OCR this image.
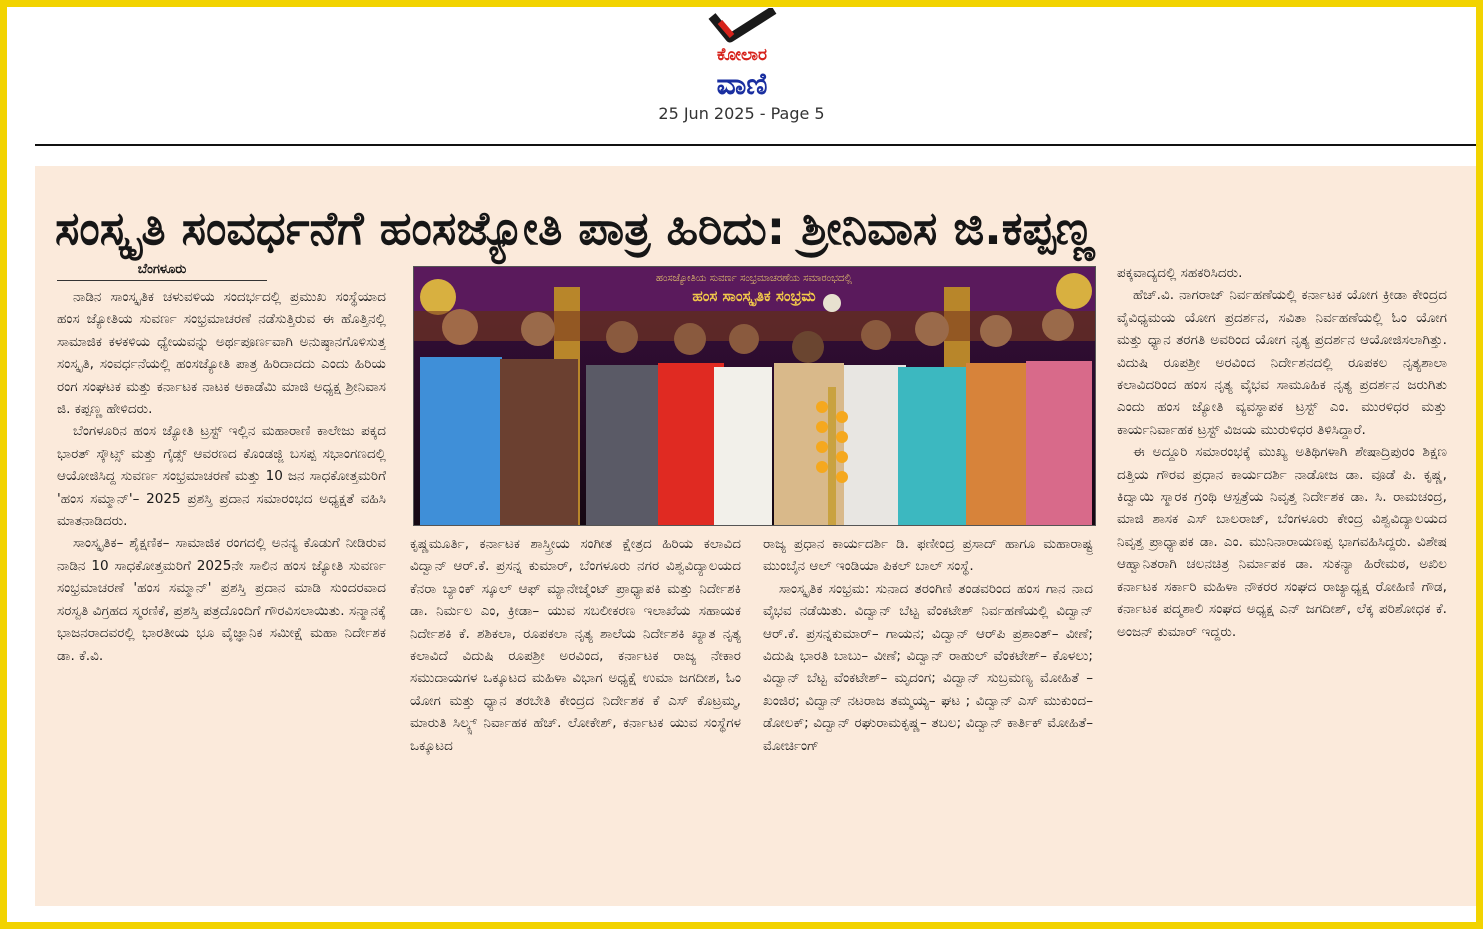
ಕೋಲಾರ
ವಾಣಿ
25 Jun 2025 - Page 5
ಸಂಸ್ಕೃತಿ ಸಂವರ್ಧನೆಗೆ ಹಂಸಜ್ಯೋತಿ ಪಾತ್ರ ಹಿರಿದು: ಶ್ರೀನಿವಾಸ ಜಿ.ಕಪ್ಪಣ್ಣ
ಬೆಂಗಳೂರು

ನಾಡಿನ ಸಾಂಸ್ಕೃತಿಕ ಚಳುವಳಿಯ ಸಂದರ್ಭದಲ್ಲಿ ಪ್ರಮುಖ ಸಂಸ್ಥೆಯಾದ ಹಂಸ ಜ್ಯೋತಿಯ ಸುವರ್ಣ ಸಂಭ್ರಮಾಚರಣೆ ನಡೆಸುತ್ತಿರುವ ಈ ಹೊತ್ತಿನಲ್ಲಿ ಸಾಮಾಜಿಕ ಕಳಕಳಿಯ ಧ್ಯೇಯವನ್ನು ಅರ್ಥಪೂರ್ಣವಾಗಿ ಅನುಷ್ಠಾನಗೊಳಿಸುತ್ತ ಸಂಸ್ಕೃತಿ, ಸಂವರ್ಧನೆಯಲ್ಲಿ ಹಂಸಜ್ಯೋತಿ ಪಾತ್ರ ಹಿರಿದಾದದು ಎಂದು ಹಿರಿಯ ರಂಗ ಸಂಘಟಕ ಮತ್ತು ಕರ್ನಾಟಕ ನಾಟಕ ಅಕಾಡೆಮಿ ಮಾಜಿ ಅಧ್ಯಕ್ಷ ಶ್ರೀನಿವಾಸ ಜಿ. ಕಪ್ಪಣ್ಣ ಹೇಳಿದರು.

ಬೆಂಗಳೂರಿನ ಹಂಸ ಜ್ಯೋತಿ ಟ್ರಸ್ಟ್ ಇಲ್ಲಿನ ಮಹಾರಾಣಿ ಕಾಲೇಜು ಪಕ್ಕದ ಭಾರತ್ ಸ್ಕೌಟ್ಸ್ ಮತ್ತು ಗೈಡ್ಸ್ ಆವರಣದ ಕೊಂಡಜ್ಜಿ ಬಸಪ್ಪ ಸಭಾಂಗಣದಲ್ಲಿ ಆಯೋಜಿಸಿದ್ದ ಸುವರ್ಣ ಸಂಭ್ರಮಾಚರಣೆ ಮತ್ತು 10 ಜನ ಸಾಧಕೋತ್ತಮರಿಗೆ 'ಹಂಸ ಸಮ್ಮಾನ್'– 2025 ಪ್ರಶಸ್ತಿ ಪ್ರದಾನ ಸಮಾರಂಭದ ಅಧ್ಯಕ್ಷತೆ ವಹಿಸಿ ಮಾತನಾಡಿದರು.

ಸಾಂಸ್ಕೃತಿಕ– ಶೈಕ್ಷಣಿಕ– ಸಾಮಾಜಿಕ ರಂಗದಲ್ಲಿ ಅನನ್ಯ ಕೊಡುಗೆ ನೀಡಿರುವ ನಾಡಿನ 10 ಸಾಧಕೋತ್ತಮರಿಗೆ 2025ನೇ ಸಾಲಿನ ಹಂಸ ಜ್ಯೋತಿ ಸುವರ್ಣ ಸಂಭ್ರಮಾಚರಣೆ 'ಹಂಸ ಸಮ್ಮಾನ್' ಪ್ರಶಸ್ತಿ ಪ್ರದಾನ ಮಾಡಿ ಸುಂದರವಾದ ಸರಸ್ವತಿ ವಿಗ್ರಹದ ಸ್ಮರಣಿಕೆ, ಪ್ರಶಸ್ತಿ ಪತ್ರದೊಂದಿಗೆ ಗೌರವಿಸಲಾಯಿತು. ಸನ್ಮಾನಕ್ಕೆ ಭಾಜನರಾದವರಲ್ಲಿ ಭಾರತೀಯ ಭೂ ವೈಜ್ಞಾನಿಕ ಸಮೀಕ್ಷೆ ಮಹಾ ನಿರ್ದೇಶಕ ಡಾ. ಕೆ.ವಿ.

ಹಂಸಜ್ಯೋತಿಯ ಸುವರ್ಣ ಸಂಭ್ರಮಾಚರಣೆಯ ಸಮಾರಂಭದಲ್ಲಿ
ಹಂಸ ಸಾಂಸ್ಕೃತಿಕ ಸಂಭ್ರಮ

ಕೃಷ್ಣಮೂರ್ತಿ, ಕರ್ನಾಟಕ ಶಾಸ್ತ್ರೀಯ ಸಂಗೀತ ಕ್ಷೇತ್ರದ ಹಿರಿಯ ಕಲಾವಿದ ವಿದ್ವಾನ್ ಆರ್.ಕೆ. ಪ್ರಸನ್ನ ಕುಮಾರ್, ಬೆಂಗಳೂರು ನಗರ ವಿಶ್ವವಿದ್ಯಾಲಯದ ಕೆನರಾ ಬ್ಯಾಂಕ್ ಸ್ಕೂಲ್ ಆಫ್ ಮ್ಯಾನೇಜ್ಮೆಂಟ್ ಪ್ರಾಧ್ಯಾಪಕಿ ಮತ್ತು ನಿರ್ದೇಶಕಿ ಡಾ. ನಿರ್ಮಲ ಎಂ, ಕ್ರೀಡಾ– ಯುವ ಸಬಲೀಕರಣ ಇಲಾಖೆಯ ಸಹಾಯಕ ನಿರ್ದೇಶಕಿ ಕೆ. ಶಶಿಕಲಾ, ರೂಪಕಲಾ ನೃತ್ಯ ಶಾಲೆಯ ನಿರ್ದೇಶಕಿ ಖ್ಯಾತ ನೃತ್ಯ ಕಲಾವಿದೆ ವಿದುಷಿ ರೂಪಶ್ರೀ ಅರವಿಂದ, ಕರ್ನಾಟಕ ರಾಜ್ಯ ನೇಕಾರ ಸಮುದಾಯಗಳ ಒಕ್ಕೂಟದ ಮಹಿಳಾ ವಿಭಾಗ ಅಧ್ಯಕ್ಷೆ ಉಮಾ ಜಗದೀಶ, ಓಂ ಯೋಗ ಮತ್ತು ಧ್ಯಾನ ತರಬೇತಿ ಕೇಂದ್ರದ ನಿರ್ದೇಶಕ ಕೆ ಎಸ್ ಕೊಟ್ರಮ್ಮ, ಮಾರುತಿ ಸಿಲ್ಕ್ಸ್ ನಿರ್ವಾಹಕ ಹೆಚ್. ಲೋಕೇಶ್, ಕರ್ನಾಟಕ ಯುವ ಸಂಸ್ಥೆಗಳ ಒಕ್ಕೂಟದ

ರಾಜ್ಯ ಪ್ರಧಾನ ಕಾರ್ಯದರ್ಶಿ ಡಿ. ಫಣೀಂದ್ರ ಪ್ರಸಾದ್ ಹಾಗೂ ಮಹಾರಾಷ್ಟ್ರ ಮುಂಬೈನ ಆಲ್ ಇಂಡಿಯಾ ಪಿಕಲ್ ಬಾಲ್ ಸಂಸ್ಥೆ.

ಸಾಂಸ್ಕೃತಿಕ ಸಂಭ್ರಮ: ಸುನಾದ ತರಂಗಿಣಿ ತಂಡವರಿಂದ ಹಂಸ ಗಾನ ನಾದ ವೈಭವ ನಡೆಯಿತು. ವಿದ್ವಾನ್ ಬೆಟ್ಟ ವೆಂಕಟೇಶ್ ನಿರ್ವಹಣೆಯಲ್ಲಿ ವಿದ್ವಾನ್ ಆರ್.ಕೆ. ಪ್ರಸನ್ನಕುಮಾರ್– ಗಾಯನ; ವಿದ್ವಾನ್ ಆರ್‌ಪಿ ಪ್ರಶಾಂತ್– ವೀಣೆ; ವಿದುಷಿ ಭಾರತಿ ಬಾಬು– ವೀಣೆ; ವಿದ್ವಾನ್ ರಾಹುಲ್ ವೆಂಕಟೇಶ್– ಕೊಳಲು; ವಿದ್ವಾನ್ ಬೆಟ್ಟ ವೆಂಕಟೇಶ್– ಮೃದಂಗ; ವಿದ್ವಾನ್ ಸುಬ್ರಮಣ್ಯ ಮೋಹಿತೆ – ಖಂಜಿರ; ವಿದ್ವಾನ್ ನಟರಾಜ ತಮ್ಮಯ್ಯ– ಘಟ ; ವಿದ್ವಾನ್ ಎಸ್ ಮುಕುಂದ– ಡೋಲಕ್; ವಿದ್ವಾನ್ ರಘುರಾಮಕೃಷ್ಣ– ತಬಲ; ವಿದ್ವಾನ್ ಕಾರ್ತಿಕ್ ಮೋಹಿತೆ– ಮೋರ್ಚಿಂಗ್

ಪಕ್ಕವಾದ್ಯದಲ್ಲಿ ಸಹಕರಿಸಿದರು.

ಹೆಚ್.ವಿ. ನಾಗರಾಜ್ ನಿರ್ವಹಣೆಯಲ್ಲಿ ಕರ್ನಾಟಕ ಯೋಗ ಕ್ರೀಡಾ ಕೇಂದ್ರದ ವೈವಿಧ್ಯಮಯ ಯೋಗ ಪ್ರದರ್ಶನ, ಸವಿತಾ ನಿರ್ವಹಣೆಯಲ್ಲಿ ಓಂ ಯೋಗ ಮತ್ತು ಧ್ಯಾನ ತರಗತಿ ಅವರಿಂದ ಯೋಗ ನೃತ್ಯ ಪ್ರದರ್ಶನ ಆಯೋಜಿಸಲಾಗಿತ್ತು. ವಿದುಷಿ ರೂಪಶ್ರೀ ಅರವಿಂದ ನಿರ್ದೇಶನದಲ್ಲಿ ರೂಪಕಲ ನೃತ್ಯಶಾಲಾ ಕಲಾವಿದರಿಂದ ಹಂಸ ನೃತ್ಯ ವೈಭವ ಸಾಮೂಹಿಕ ನೃತ್ಯ ಪ್ರದರ್ಶನ ಜರುಗಿತು ಎಂದು ಹಂಸ ಜ್ಯೋತಿ ವ್ಯವಸ್ಥಾಪಕ ಟ್ರಸ್ಟ್ ಎಂ. ಮುರಳಿಧರ ಮತ್ತು ಕಾರ್ಯನಿರ್ವಾಹಕ ಟ್ರಸ್ಟ್ ವಿಜಯ ಮುರುಳಿಧರ ತಿಳಿಸಿದ್ದಾರೆ.

ಈ ಅದ್ದೂರಿ ಸಮಾರಂಭಕ್ಕೆ ಮುಖ್ಯ ಅತಿಥಿಗಳಾಗಿ ಶೇಷಾದ್ರಿಪುರಂ ಶಿಕ್ಷಣ ದತ್ತಿಯ ಗೌರವ ಪ್ರಧಾನ ಕಾರ್ಯದರ್ಶಿ ನಾಡೋಜ ಡಾ. ವೂಡೆ ಪಿ. ಕೃಷ್ಣ, ಕಿದ್ವಾಯಿ ಸ್ಮಾರಕ ಗ್ರಂಥಿ ಆಸ್ಪತ್ರೆಯ ನಿವೃತ್ತ ನಿರ್ದೇಶಕ ಡಾ. ಸಿ. ರಾಮಚಂದ್ರ, ಮಾಜಿ ಶಾಸಕ ಎಸ್ ಬಾಲರಾಜ್, ಬೆಂಗಳೂರು ಕೇಂದ್ರ ವಿಶ್ವವಿದ್ಯಾಲಯದ ನಿವೃತ್ತ ಪ್ರಾಧ್ಯಾಪಕ ಡಾ. ಎಂ. ಮುನಿನಾರಾಯಣಪ್ಪ ಭಾಗವಹಿಸಿದ್ದರು. ವಿಶೇಷ ಆಹ್ವಾನಿತರಾಗಿ ಚಲನಚಿತ್ರ ನಿರ್ಮಾಪಕ ಡಾ. ಸುಕನ್ಯಾ ಹಿರೇಮಠ, ಅಖಿಲ ಕರ್ನಾಟಕ ಸರ್ಕಾರಿ ಮಹಿಳಾ ನೌಕರರ ಸಂಘದ ರಾಜ್ಯಾಧ್ಯಕ್ಷ ರೋಹಿಣಿ ಗೌಡ, ಕರ್ನಾಟಕ ಪದ್ಮಶಾಲಿ ಸಂಘದ ಅಧ್ಯಕ್ಷ ಎನ್ ಜಗದೀಶ್, ಲೆಕ್ಕ ಪರಿಶೋಧಕ ಕೆ. ಅಂಜನ್ ಕುಮಾರ್ ಇದ್ದರು.
